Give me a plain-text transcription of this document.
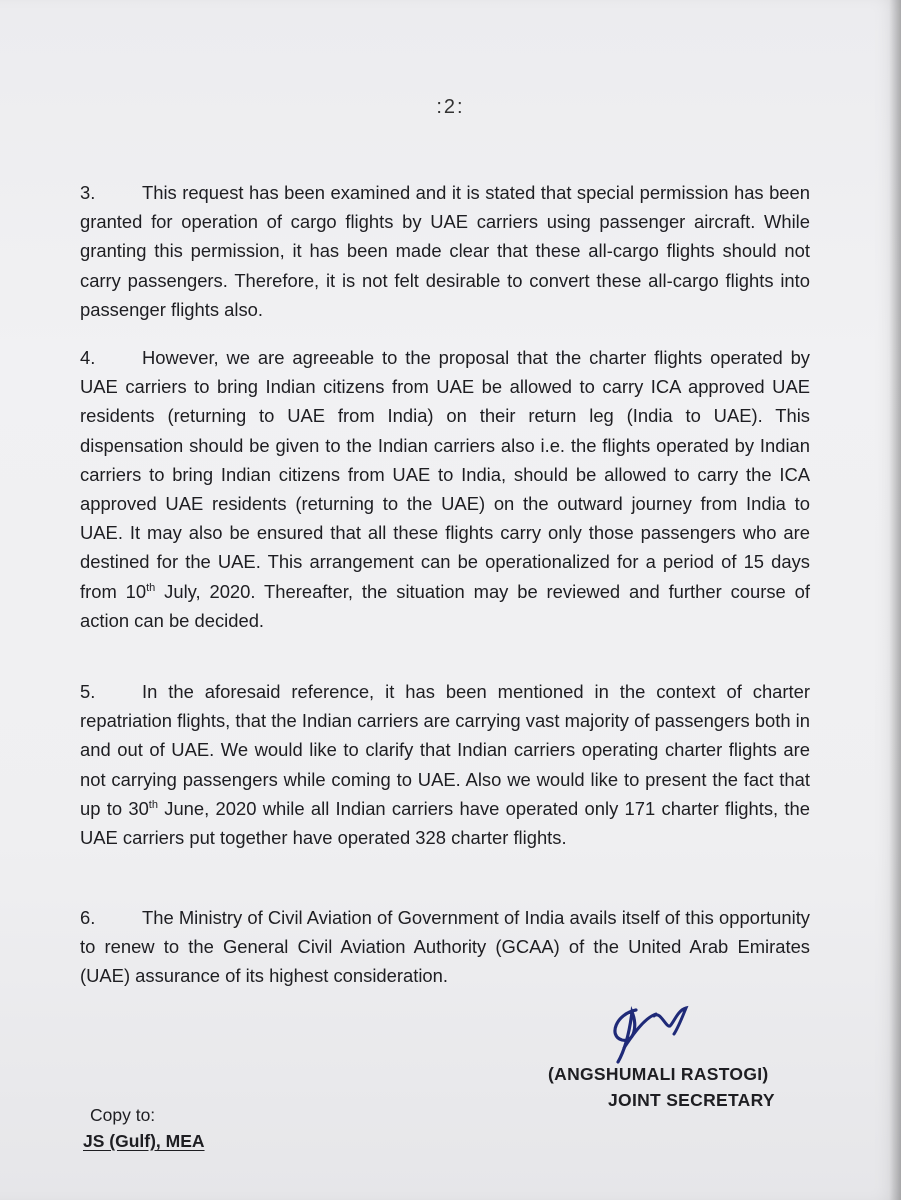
:2:
3.	This request has been examined and it is stated that special permission has been granted for operation of cargo flights by UAE carriers using passenger aircraft. While granting this permission, it has been made clear that these all-cargo flights should not carry passengers. Therefore, it is not felt desirable to convert these all-cargo flights into passenger flights also.
4.	However, we are agreeable to the proposal that the charter flights operated by UAE carriers to bring Indian citizens from UAE be allowed to carry ICA approved UAE residents (returning to UAE from India) on their return leg (India to UAE). This dispensation should be given to the Indian carriers also i.e. the flights operated by Indian carriers to bring Indian citizens from UAE to India, should be allowed to carry the ICA approved UAE residents (returning to the UAE) on the outward journey from India to UAE. It may also be ensured that all these flights carry only those passengers who are destined for the UAE. This arrangement can be operationalized for a period of 15 days from 10th July, 2020. Thereafter, the situation may be reviewed and further course of action can be decided.
5.	In the aforesaid reference, it has been mentioned in the context of charter repatriation flights, that the Indian carriers are carrying vast majority of passengers both in and out of UAE. We would like to clarify that Indian carriers operating charter flights are not carrying passengers while coming to UAE. Also we would like to present the fact that up to 30th June, 2020 while all Indian carriers have operated only 171 charter flights, the UAE carriers put together have operated 328 charter flights.
6.	The Ministry of Civil Aviation of Government of India avails itself of this opportunity to renew to the General Civil Aviation Authority (GCAA) of the United Arab Emirates (UAE) assurance of its highest consideration.
(ANGSHUMALI RASTOGI)
JOINT SECRETARY
Copy to:
JS (Gulf), MEA
